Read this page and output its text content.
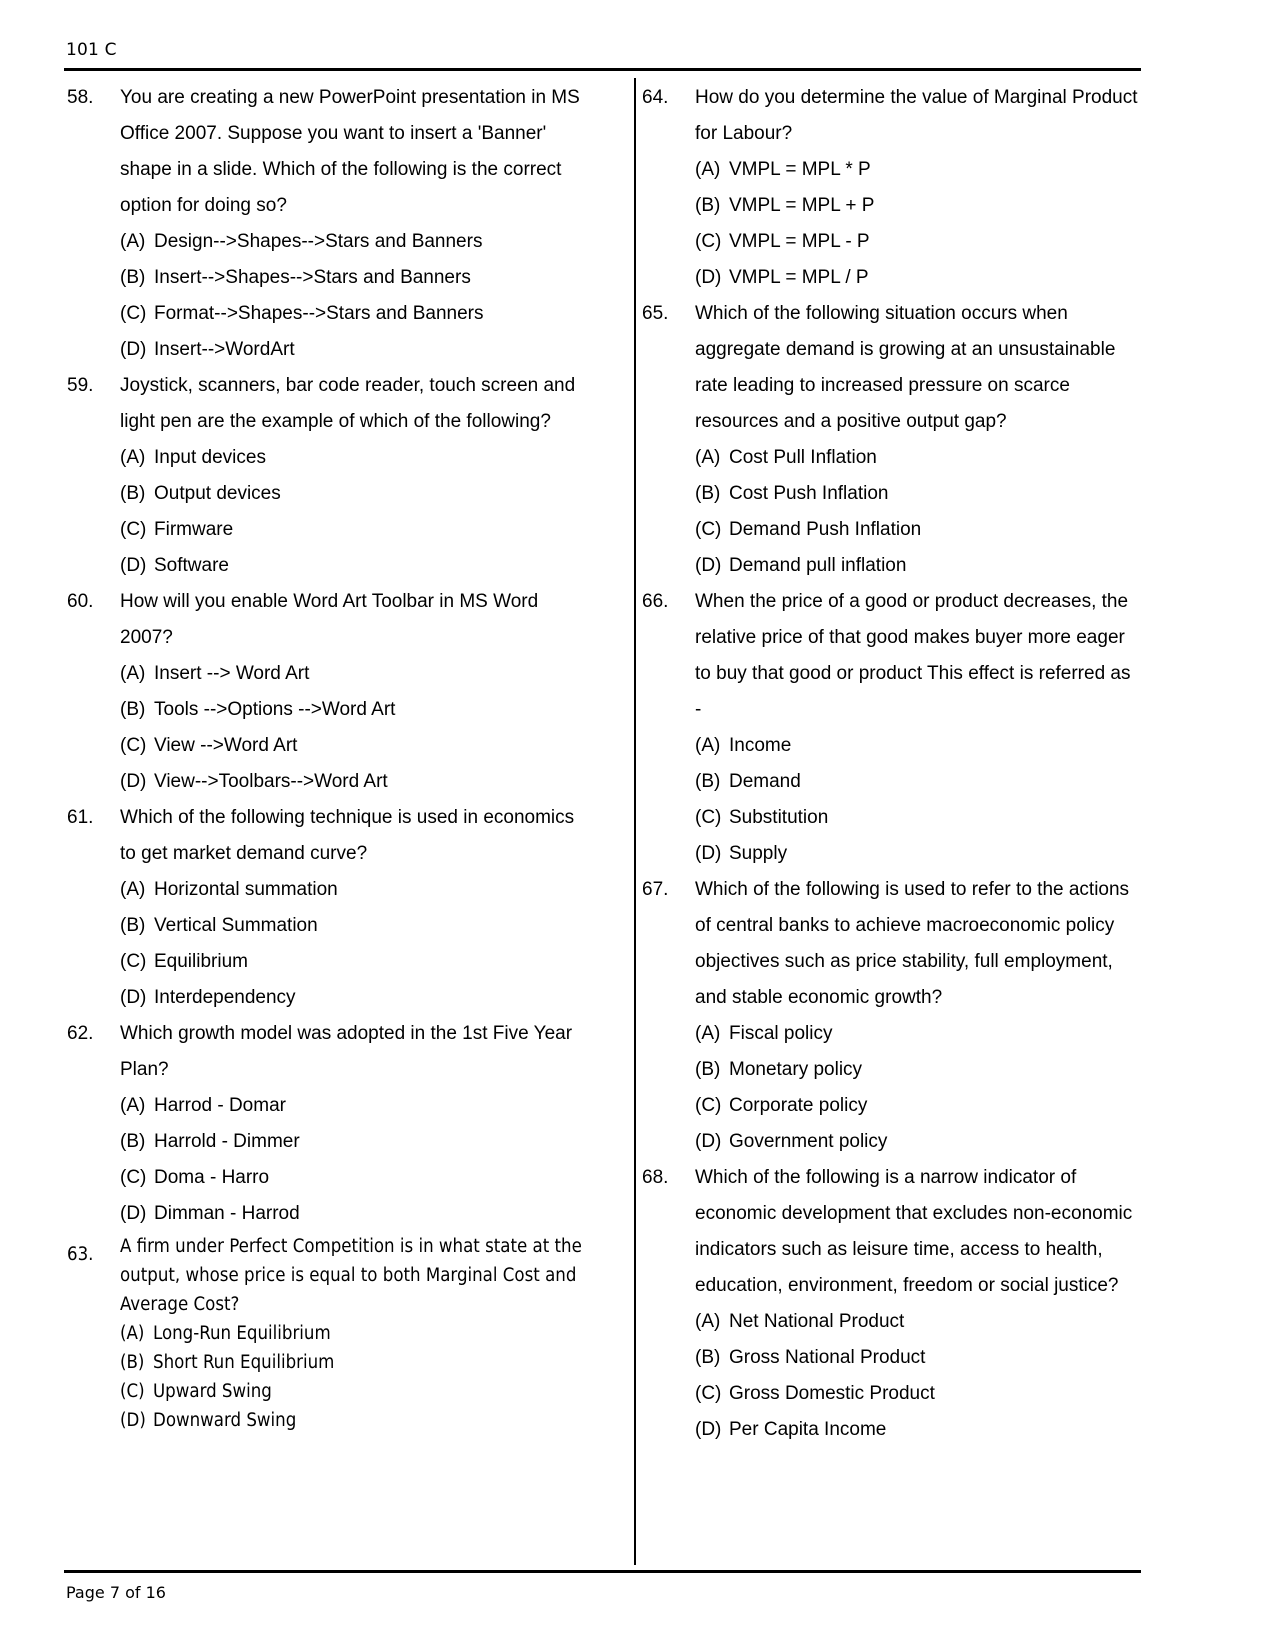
101 C
58.	You are creating a new PowerPoint presentation in MS Office 2007. Suppose you want to insert a 'Banner' shape in a slide. Which of the following is the correct option for doing so?
(A) Design-->Shapes-->Stars and Banners
(B) Insert-->Shapes-->Stars and Banners
(C) Format-->Shapes-->Stars and Banners
(D) Insert-->WordArt
59.	Joystick, scanners, bar code reader, touch screen and light pen are the example of which of the following?
(A) Input devices
(B) Output devices
(C) Firmware
(D) Software
60.	How will you enable Word Art Toolbar in MS Word 2007?
(A) Insert --> Word Art
(B) Tools -->Options -->Word Art
(C) View -->Word Art
(D) View-->Toolbars-->Word Art
61.	Which of the following technique is used in economics to get market demand curve?
(A) Horizontal summation
(B) Vertical Summation
(C) Equilibrium
(D) Interdependency
62.	Which growth model was adopted in the 1st Five Year Plan?
(A) Harrod - Domar
(B) Harrold - Dimmer
(C) Doma - Harro
(D) Dimman - Harrod
63.	A firm under Perfect Competition is in what state at the output, whose price is equal to both Marginal Cost and Average Cost?
(A) Long-Run Equilibrium
(B) Short Run Equilibrium
(C) Upward Swing
(D) Downward Swing
64.	How do you determine the value of Marginal Product for Labour?
(A) VMPL = MPL * P
(B) VMPL = MPL + P
(C) VMPL = MPL - P
(D) VMPL = MPL / P
65.	Which of the following situation occurs when aggregate demand is growing at an unsustainable rate leading to increased pressure on scarce resources and a positive output gap?
(A) Cost Pull Inflation
(B) Cost Push Inflation
(C) Demand Push Inflation
(D) Demand pull inflation
66.	When the price of a good or product decreases, the relative price of that good makes buyer more eager to buy that good or product This effect is referred as -
(A) Income
(B) Demand
(C) Substitution
(D) Supply
67.	Which of the following is used to refer to the actions of central banks to achieve macroeconomic policy objectives such as price stability, full employment, and stable economic growth?
(A) Fiscal policy
(B) Monetary policy
(C) Corporate policy
(D) Government policy
68.	Which of the following is a narrow indicator of economic development that excludes non-economic indicators such as leisure time, access to health, education, environment, freedom or social justice?
(A) Net National Product
(B) Gross National Product
(C) Gross Domestic Product
(D) Per Capita Income
Page 7 of 16
